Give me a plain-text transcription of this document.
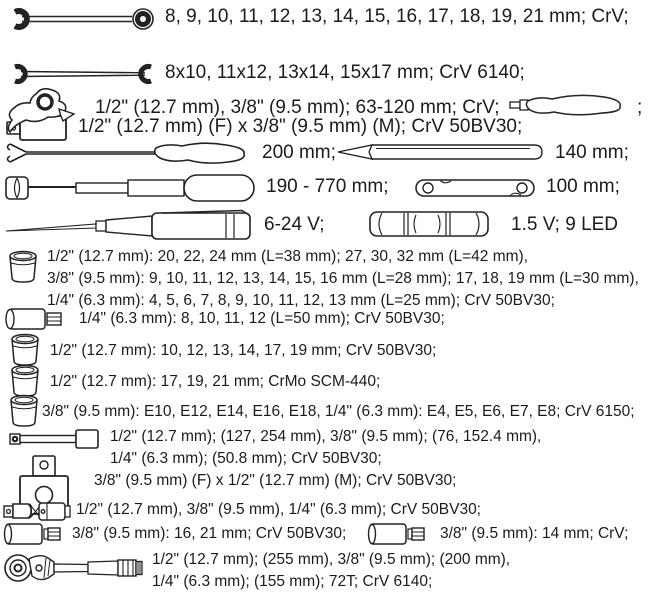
8, 9, 10, 11, 12, 13, 14, 15, 16, 17, 18, 19, 21 mm; CrV;
8x10, 11x12, 13x14, 15x17 mm; CrV 6140;
1/2" (12.7 mm) (F) x 3/8" (9.5 mm) (M); CrV 50BV30;
1/2" (12.7 mm), 3/8" (9.5 mm); 63-120 mm; CrV;	;
200 mm;	140 mm;
190 - 770 mm;	100 mm;
6-24 V;	1.5 V; 9 LED
1/2" (12.7 mm): 20, 22, 24 mm (L=38 mm); 27, 30, 32 mm (L=42 mm),
3/8" (9.5 mm): 9, 10, 11, 12, 13, 14, 15, 16 mm (L=28 mm); 17, 18, 19 mm (L=30 mm),
1/4" (6.3 mm): 4, 5, 6, 7, 8, 9, 10, 11, 12, 13 mm (L=25 mm); CrV 50BV30;
1/4" (6.3 mm): 8, 10, 11, 12 (L=50 mm); CrV 50BV30;
1/2" (12.7 mm): 10, 12, 13, 14, 17, 19 mm; CrV 50BV30;
1/2" (12.7 mm): 17, 19, 21 mm; CrMo SCM-440;
3/8" (9.5 mm): E10, E12, E14, E16, E18, 1/4" (6.3 mm): E4, E5, E6, E7, E8; CrV 6150;
1/2" (12.7 mm); (127, 254 mm), 3/8" (9.5 mm); (76, 152.4 mm),
1/4" (6.3 mm); (50.8 mm); CrV 50BV30;
3/8" (9.5 mm) (F) x 1/2" (12.7 mm) (M); CrV 50BV30;
1/2" (12.7 mm), 3/8" (9.5 mm), 1/4" (6.3 mm); CrV 50BV30;
3/8" (9.5 mm): 16, 21 mm; CrV 50BV30;	3/8" (9.5 mm): 14 mm; CrV;
1/2" (12.7 mm); (255 mm), 3/8" (9.5 mm); (200 mm),
1/4" (6.3 mm); (155 mm); 72T; CrV 6140;
